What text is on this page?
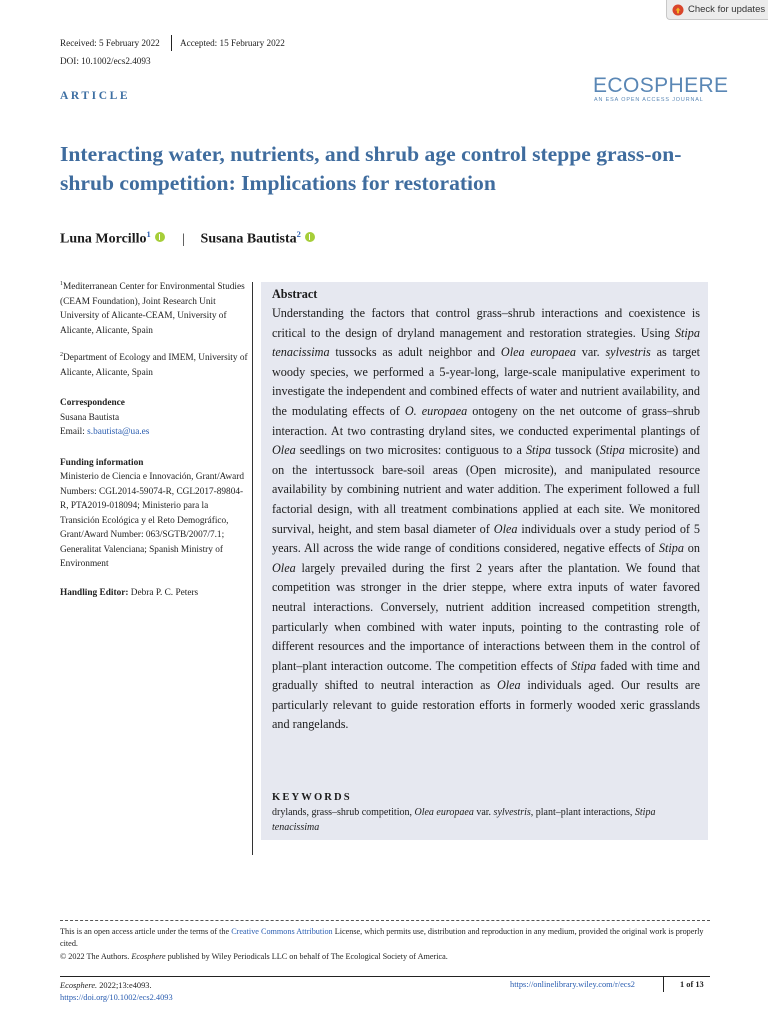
Check for updates
Received: 5 February 2022 Accepted: 15 February 2022
DOI: 10.1002/ecs2.4093
ARTICLE	ECOSPHERE
AN ESA OPEN ACCESS JOURNAL
Interacting water, nutrients, and shrub age control steppe grass-on-shrub competition: Implications for restoration
Luna Morcillo$^1$ | Susana Bautista$^2$

$^1$Mediterranean Center for Environmental Studies (CEAM Foundation), Joint Research Unit University of Alicante-CEAM, University of Alicante, Alicante, Spain

$^2$Department of Ecology and IMEM, University of Alicante, Alicante, Spain

Correspondence
Susana Bautista
Email: s.bautista@ua.es

Funding information
Ministerio de Ciencia e Innovación, Grant/Award Numbers: CGL2014-59074-R, CGL2017-89804-R, PTA2019-018094; Ministerio para la Transición Ecológica y el Reto Demográfico, Grant/Award Number: 063/SGTB/2007/7.1; Generalitat Valenciana; Spanish Ministry of Environment

Handling Editor: Debra P. C. Peters

Abstract
Understanding the factors that control grass–shrub interactions and coexistence is critical to the design of dryland management and restoration strategies. Using Stipa tenacissima tussocks as adult neighbor and Olea europaea var. sylvestris as target woody species, we performed a 5-year-long, large-scale manipulative experiment to investigate the independent and combined effects of water and nutrient availability, and the modulating effects of O. europaea ontogeny on the net outcome of grass–shrub interaction. At two contrasting dryland sites, we conducted experimental plantings of Olea seedlings on two microsites: contiguous to a Stipa tussock (Stipa microsite) and on the intertussock bare-soil areas (Open microsite), and manipulated resource availability by combining nutrient and water addition. The experiment followed a full factorial design, with all treatment combinations applied at each site. We monitored survival, height, and stem basal diameter of Olea individuals over a study period of 5 years. All across the wide range of conditions considered, negative effects of Stipa on Olea largely prevailed during the first 2 years after the plantation. We found that competition was stronger in the drier steppe, where extra inputs of water favored neutral interactions. Conversely, nutrient addition increased competition strength, particularly when combined with water inputs, pointing to the contrasting role of different resources and the importance of interactions between them in the control of plant–plant interaction outcome. The competition effects of Stipa faded with time and gradually shifted to neutral interaction as Olea individuals aged. Our results are particularly relevant to guide restoration efforts in formerly wooded xeric grasslands and rangelands.
KEYWORDS
drylands, grass–shrub competition, Olea europaea var. sylvestris, plant–plant interactions, Stipa tenacissima
This is an open access article under the terms of the Creative Commons Attribution License, which permits use, distribution and reproduction in any medium, provided the original work is properly cited.
© 2022 The Authors. Ecosphere published by Wiley Periodicals LLC on behalf of The Ecological Society of America.
Ecosphere. 2022;13:e4093.
https://doi.org/10.1002/ecs2.4093
https://onlinelibrary.wiley.com/r/ecs2	1 of 13
